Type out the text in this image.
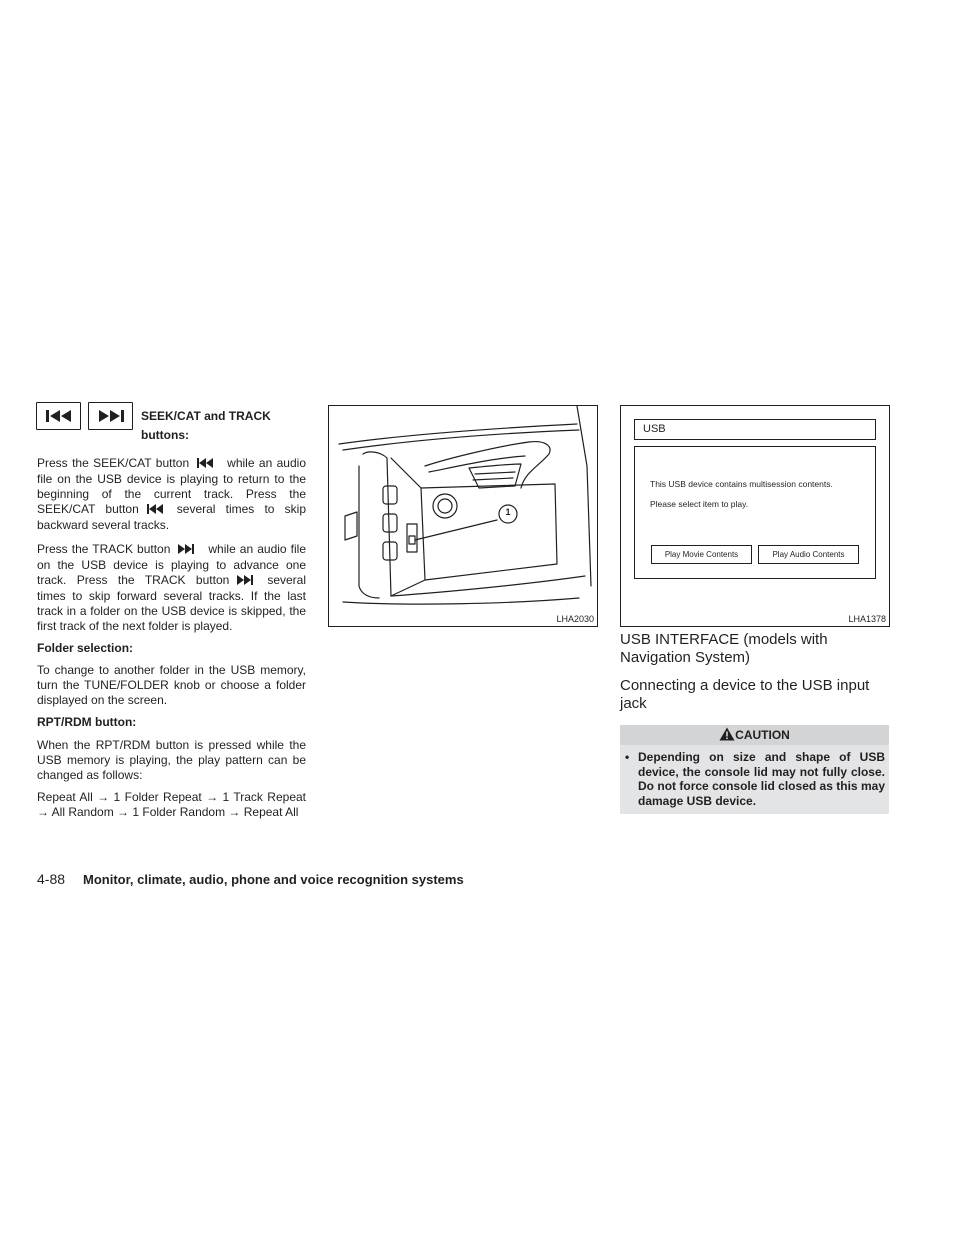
SEEK/CAT and TRACK buttons:

Press the SEEK/CAT button	while an audio file on the USB device is playing to return to the beginning of the current track. Press the SEEK/CAT button	several times to skip backward several tracks.

Press the TRACK button	while an audio file on the USB device is playing to advance one track. Press the TRACK button	several times to skip forward several tracks. If the last track in a folder on the USB device is skipped, the first track of the next folder is played.

Folder selection:

To change to another folder in the USB memory, turn the TUNE/FOLDER knob or choose a folder displayed on the screen.

RPT/RDM button:

When the RPT/RDM button is pressed while the USB memory is playing, the play pattern can be changed as follows:

Repeat All → 1 Folder Repeat → 1 Track Repeat → All Random → 1 Folder Random → Repeat All

1
LHA2030
USB
This USB device contains multisession contents.
Please select item to play.
Play Movie Contents	Play Audio Contents
LHA1378
USB INTERFACE (models with Navigation System)
Connecting a device to the USB input jack
CAUTION
• Depending on size and shape of USB device, the console lid may not fully close. Do not force console lid closed as this may damage USB device.
4-88 Monitor, climate, audio, phone and voice recognition systems
